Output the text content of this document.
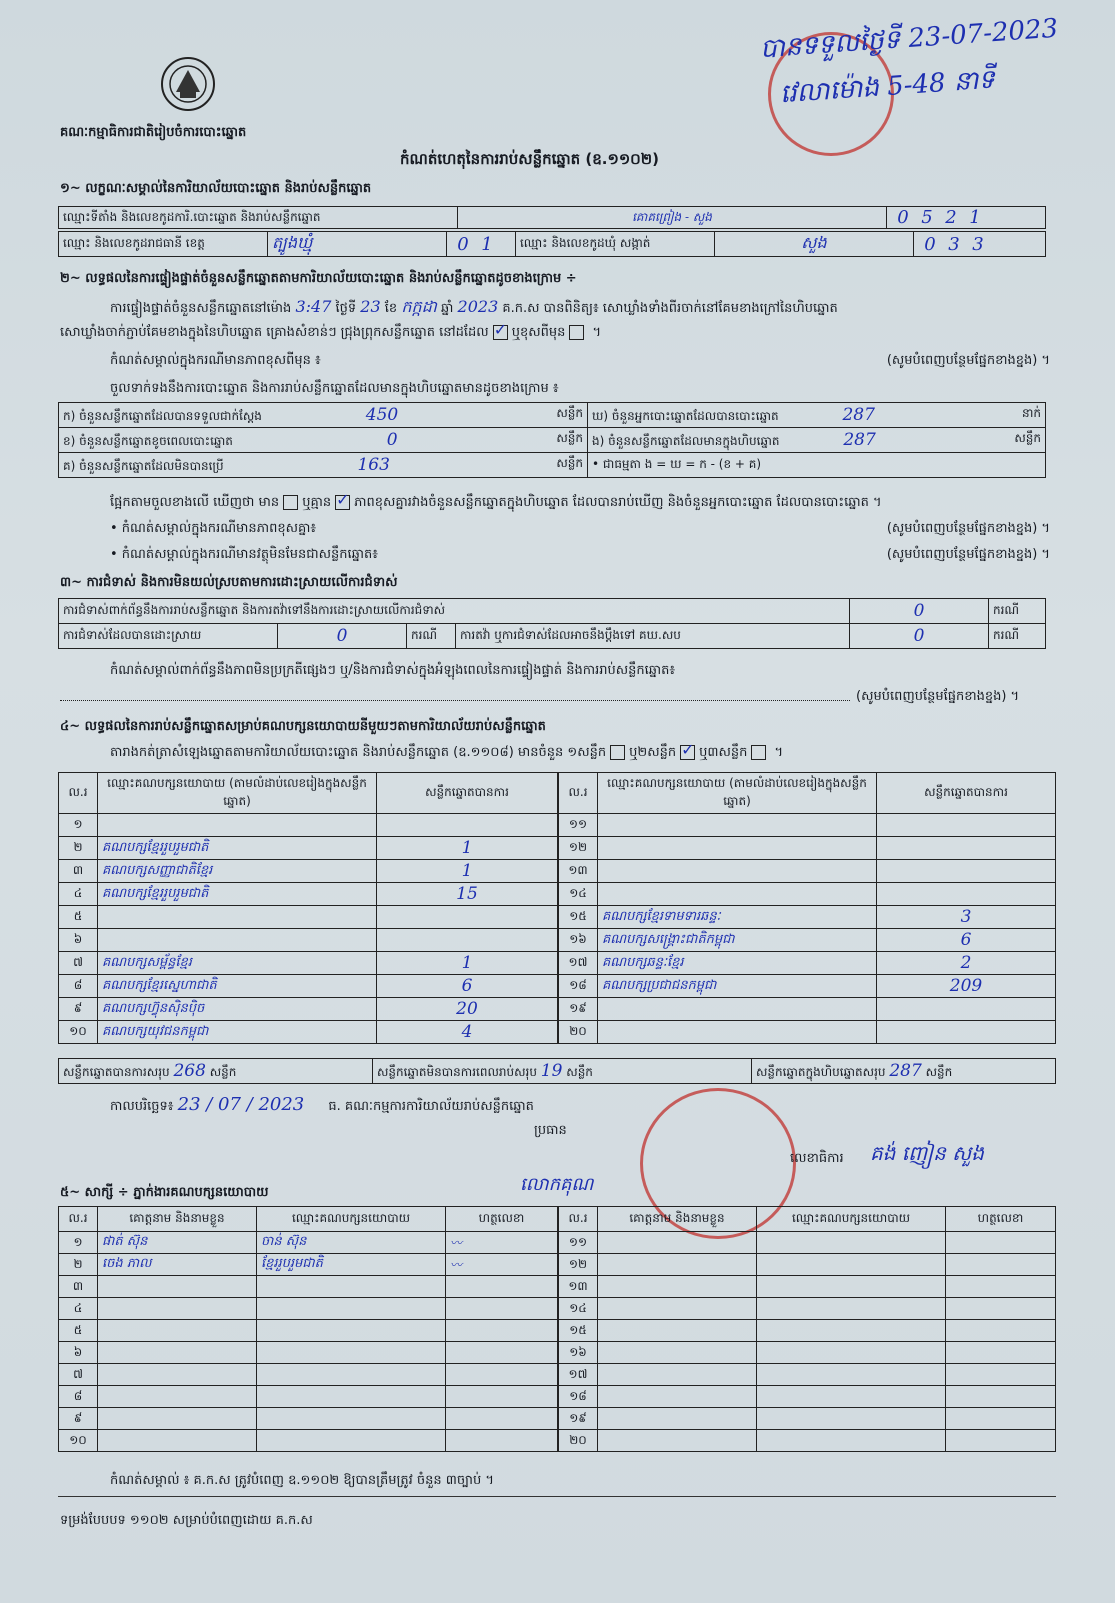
គណៈកម្មាធិការជាតិរៀបចំការបោះឆ្នោត
បានទទួលថ្ងៃទី 23-07-2023
វេលាម៉ោង 5-48 នាទី
កំណត់ហេតុនៃការរាប់សន្លឹកឆ្នោត (ឧ.១១០២)
១~ លក្ខណៈសម្គាល់នៃការិយាល័យបោះឆ្នោត និងរាប់សន្លឹកឆ្នោត
ឈ្មោះទីតាំង និងលេខកូដការិ.បោះឆ្នោត និងរាប់សន្លឹកឆ្នោត	គោគព្រៀង - សួង	0 5 2 1
ឈ្មោះ និងលេខកូដរាជធានី ខេត្ត	ត្បូងឃ្មុំ	0 1	ឈ្មោះ និងលេខកូដឃុំ សង្កាត់	សួង	0 3 3
២~ លទ្ធផលនៃការផ្ទៀងផ្ទាត់ចំនួនសន្លឹកឆ្នោតតាមការិយាល័យបោះឆ្នោត និងរាប់សន្លឹកឆ្នោតដូចខាងក្រោម ÷
ការផ្ទៀងផ្ទាត់ចំនួនសន្លឹកឆ្នោតនៅម៉ោង 3:47 ថ្ងៃទី 23 ខែ កក្កដា ឆ្នាំ 2023 គ.ក.ស បានពិនិត្យ៖ សោឃ្លាំងទាំងពីរចាក់នៅគែមខាងក្រៅនៃហិបឆ្នោត
សោឃ្លាំងចាក់ភ្ជាប់គែមខាងក្នុងនៃហិបឆ្នោត គ្រោងសំខាន់ៗ ជ្រុងព្រុកសន្លឹកឆ្នោត នៅដដែល ✓ ឬខុសពីមុន ។
កំណត់សម្គាល់ក្នុងករណីមានភាពខុសពីមុន ៖	(សូមបំពេញបន្ថែមផ្នែកខាងខ្នង) ។
ចួលទាក់ទងនឹងការបោះឆ្នោត និងការរាប់សន្លឹកឆ្នោតដែលមានក្នុងហិបឆ្នោតមានដូចខាងក្រោម ៖
ក) ចំនួនសន្លឹកឆ្នោតដែលបានទទួលជាក់ស្តែង 450 សន្លឹក	ឃ) ចំនួនអ្នកបោះឆ្នោតដែលបានបោះឆ្នោត 287 នាក់

ខ) ចំនួនសន្លឹកឆ្នោតខូចពេលបោះឆ្នោត 0 សន្លឹក	ង) ចំនួនសន្លឹកឆ្នោតដែលមានក្នុងហិបឆ្នោត 287 សន្លឹក

គ) ចំនួនសន្លឹកឆ្នោតដែលមិនបានប្រើ 163 សន្លឹក	• ជាធម្មតា ង = ឃ = ក - (ខ + គ)
ផ្អែកតាមចួលខាងលើ ឃើញថា មាន ឬគ្មាន ✓ ភាពខុសគ្នារវាងចំនួនសន្លឹកឆ្នោតក្នុងហិបឆ្នោត ដែលបានរាប់ឃើញ និងចំនួនអ្នកបោះឆ្នោត ដែលបានបោះឆ្នោត ។
• កំណត់សម្គាល់ក្នុងករណីមានភាពខុសគ្នា៖	(សូមបំពេញបន្ថែមផ្នែកខាងខ្នង) ។
• កំណត់សម្គាល់ក្នុងករណីមានវត្ថុមិនមែនជាសន្លឹកឆ្នោត៖	(សូមបំពេញបន្ថែមផ្នែកខាងខ្នង) ។
៣~ ការជំទាស់ និងការមិនយល់ស្របតាមការដោះស្រាយលើការជំទាស់
ការជំទាស់ពាក់ព័ន្ធនឹងការរាប់សន្លឹកឆ្នោត និងការតវ៉ាទៅនឹងការដោះស្រាយលើការជំទាស់				0	ករណី
ការជំទាស់ដែលបានដោះស្រាយ	0	ករណី	ការតវ៉ា ឬការជំទាស់ដែលអាចនឹងប្តឹងទៅ គឃ.សប	0	ករណី
កំណត់សម្គាល់ពាក់ព័ន្ធនឹងភាពមិនប្រក្រតីផ្សេងៗ ឬ/និងការជំទាស់ក្នុងអំឡុងពេលនៃការផ្ទៀងផ្ទាត់ និងការរាប់សន្លឹកឆ្នោត៖
(សូមបំពេញបន្ថែមផ្នែកខាងខ្នង) ។
៤~ លទ្ធផលនៃការរាប់សន្លឹកឆ្នោតសម្រាប់គណបក្សនយោបាយនីមួយៗតាមការិយាល័យរាប់សន្លឹកឆ្នោត
តារាងកត់ត្រាសំឡេងឆ្នោតតាមការិយាល័យបោះឆ្នោត និងរាប់សន្លឹកឆ្នោត (ឧ.១១០៨) មានចំនួន ១សន្លឹក ឬ២សន្លឹក ✓ ឬ៣សន្លឹក ។
ល.រ	ឈ្មោះគណបក្សនយោបាយ (តាមលំដាប់លេខរៀងក្នុងសន្លឹកឆ្នោត)	សន្លឹកឆ្នោតបានការ
១		
២	គណបក្សខ្មែររួបរួមជាតិ	1
៣	គណបក្សសញ្ញាជាតិខ្មែរ	1
៤	គណបក្សខ្មែររួបរួមជាតិ	15
៥		
៦		
៧	គណបក្សសម្ព័ន្ធខ្មែរ	1
៨	គណបក្សខ្មែរស្នេហាជាតិ	6
៩	គណបក្សហ៊្វុនស៊ិនប៉ិច	20
១០	គណបក្សយុវជនកម្ពុជា	4
ល.រ	ឈ្មោះគណបក្សនយោបាយ (តាមលំដាប់លេខរៀងក្នុងសន្លឹកឆ្នោត)	សន្លឹកឆ្នោតបានការ
១១		
១២		
១៣		
១៤		
១៥	គណបក្សខ្មែរទាមទារឆន្ទៈ	3
១៦	គណបក្សសង្គ្រោះជាតិកម្ពុជា	6
១៧	គណបក្សឆន្ទៈខ្មែរ	2
១៨	គណបក្សប្រជាជនកម្ពុជា	209
១៩		
២០		
សន្លឹកឆ្នោតបានការសរុប 268 សន្លឹក	សន្លឹកឆ្នោតមិនបានការពេលរាប់សរុប 19 សន្លឹក	សន្លឹកឆ្នោតក្នុងហិបឆ្នោតសរុប 287 សន្លឹក
កាលបរិច្ឆេទ៖ 23 / 07 / 2023 ធ. គណៈកម្មការការិយាល័យរាប់សន្លឹកឆ្នោត
ប្រធាន
លោកគុណ
លេខាធិការ គង់ ញៀន សួង
៥~ សាក្សី ÷ ភ្នាក់ងារគណបក្សនយោបាយ
ល.រ	គោត្តនាម និងនាមខ្លួន	ឈ្មោះគណបក្សនយោបាយ	ហត្ថលេខា
១	ផាត់ ស៊ុន	ចាន់ ស៊ុន	〰
២	ចេង ភាល	ខ្មែររួបរួមជាតិ	〰
៣			
៤			
៥			
៦			
៧			
៨			
៩			
១០			
ល.រ	គោត្តនាម និងនាមខ្លួន	ឈ្មោះគណបក្សនយោបាយ	ហត្ថលេខា
១១			
១២			
១៣			
១៤			
១៥			
១៦			
១៧			
១៨			
១៩			
២០			
កំណត់សម្គាល់ ៖ គ.ក.ស ត្រូវបំពេញ ឧ.១១០២ ឱ្យបានត្រឹមត្រូវ ចំនួន ៣ច្បាប់ ។
ទម្រង់បែបបទ ១១០២ សម្រាប់បំពេញដោយ គ.ក.ស
